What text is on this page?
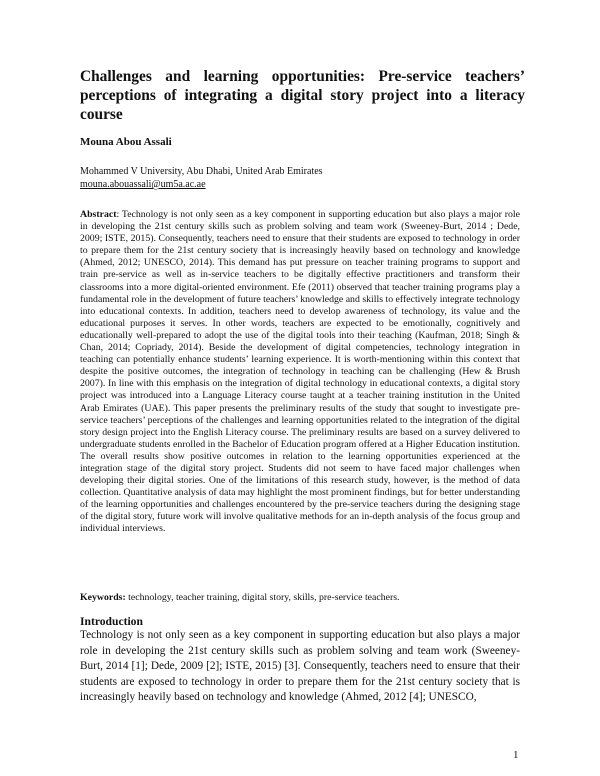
Challenges and learning opportunities: Pre-service teachers’ perceptions of integrating a digital story project into a literacy course

Mouna Abou Assali

Mohammed V University, Abu Dhabi, United Arab Emirates
mouna.abouassali@um5a.ac.ae

Abstract: Technology is not only seen as a key component in supporting education but also plays a major role in developing the 21st century skills such as problem solving and team work (Sweeney-Burt, 2014 ; Dede, 2009; ISTE, 2015). Consequently, teachers need to ensure that their students are exposed to technology in order to prepare them for the 21st century society that is increasingly heavily based on technology and knowledge (Ahmed, 2012; UNESCO, 2014). This demand has put pressure on teacher training programs to support and train pre-service as well as in-service teachers to be digitally effective practitioners and transform their classrooms into a more digital-oriented environment. Efe (2011) observed that teacher training programs play a fundamental role in the development of future teachers’ knowledge and skills to effectively integrate technology into educational contexts. In addition, teachers need to develop awareness of technology, its value and the educational purposes it serves. In other words, teachers are expected to be emotionally, cognitively and educationally well-prepared to adopt the use of the digital tools into their teaching (Kaufman, 2018; Singh & Chan, 2014; Copriady, 2014). Beside the development of digital competencies, technology integration in teaching can potentially enhance students’ learning experience. It is worth-mentioning within this context that despite the positive outcomes, the integration of technology in teaching can be challenging (Hew & Brush 2007). In line with this emphasis on the integration of digital technology in educational contexts, a digital story project was introduced into a Language Literacy course taught at a teacher training institution in the United Arab Emirates (UAE). This paper presents the preliminary results of the study that sought to investigate pre-service teachers’ perceptions of the challenges and learning opportunities related to the integration of the digital story design project into the English Literacy course. The preliminary results are based on a survey delivered to undergraduate students enrolled in the Bachelor of Education program offered at a Higher Education institution. The overall results show positive outcomes in relation to the learning opportunities experienced at the integration stage of the digital story project. Students did not seem to have faced major challenges when developing their digital stories. One of the limitations of this research study, however, is the method of data collection. Quantitative analysis of data may highlight the most prominent findings, but for better understanding of the learning opportunities and challenges encountered by the pre-service teachers during the designing stage of the digital story, future work will involve qualitative methods for an in-depth analysis of the focus group and individual interviews.

Keywords: technology, teacher training, digital story, skills, pre-service teachers.

Introduction

Technology is not only seen as a key component in supporting education but also plays a major role in developing the 21st century skills such as problem solving and team work (Sweeney-Burt, 2014 [1]; Dede, 2009 [2]; ISTE, 2015) [3]. Consequently, teachers need to ensure that their students are exposed to technology in order to prepare them for the 21st century society that is increasingly heavily based on technology and knowledge (Ahmed, 2012 [4]; UNESCO,

1
